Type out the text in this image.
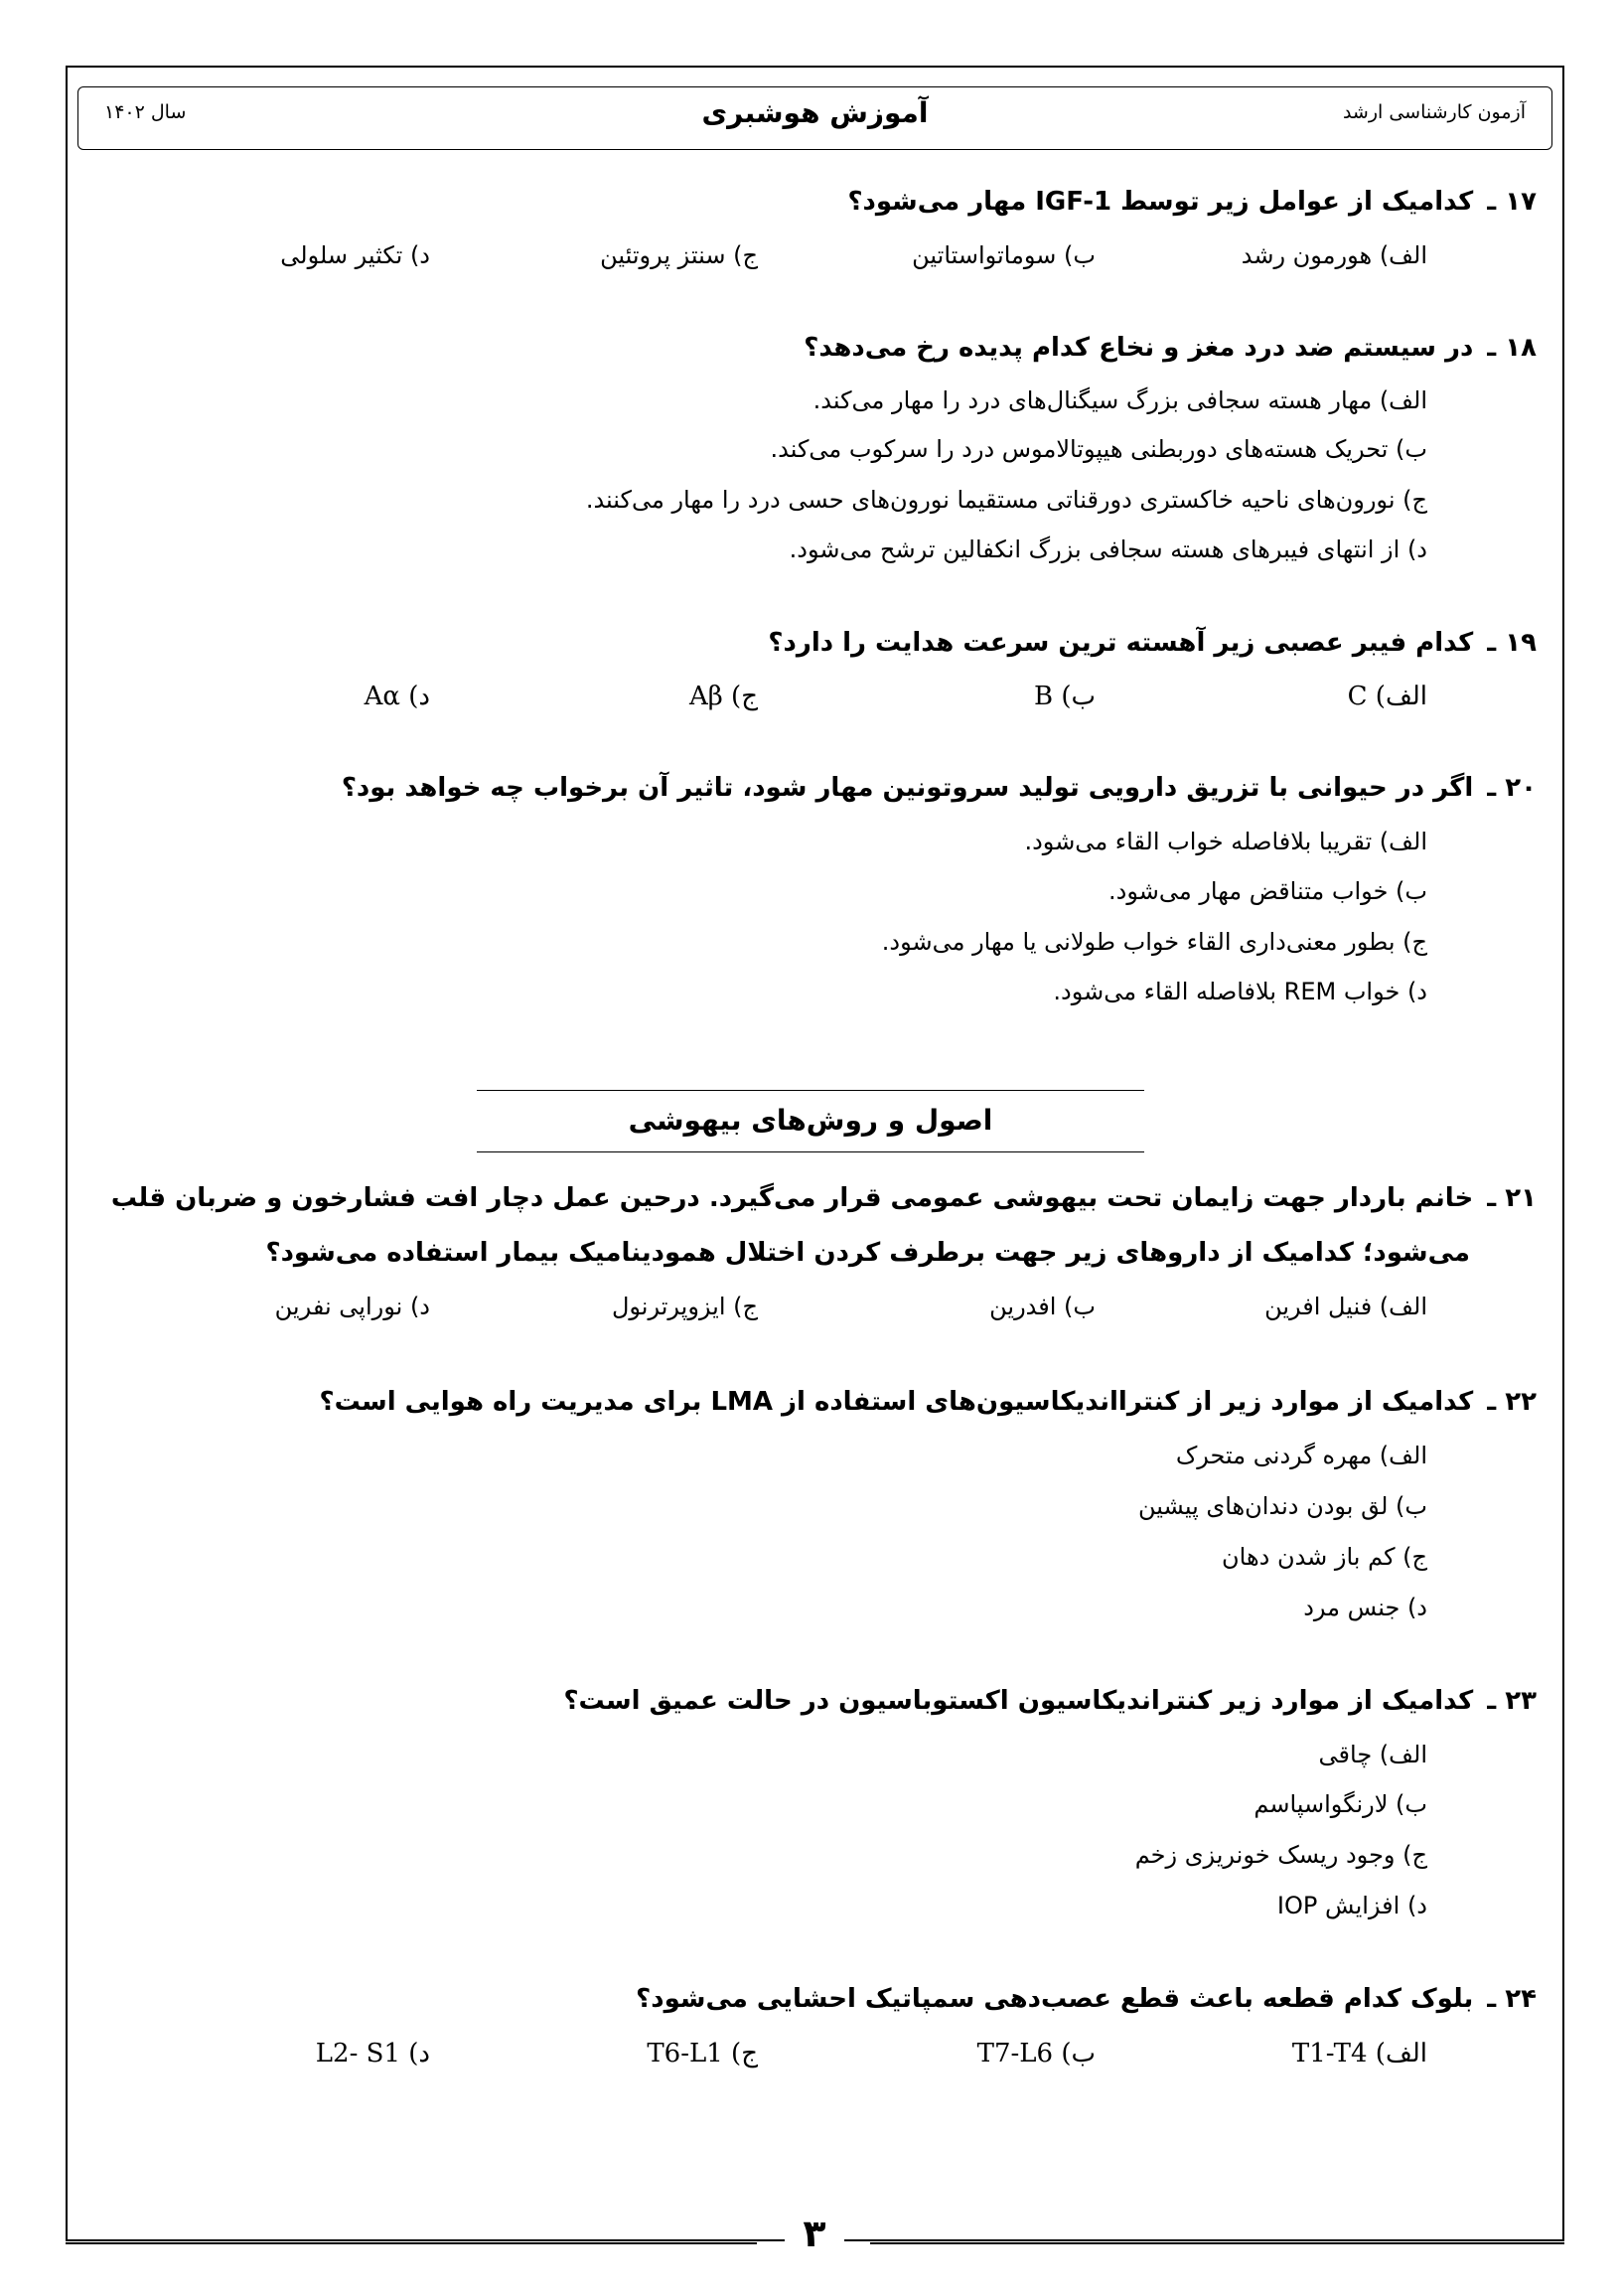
آزمون کارشناسی ارشد
آموزش هوشبری
سال ۱۴۰۲
۱۷ ـکدامیک از عوامل زیر توسط IGF-1 مهار می‌شود؟
الف) هورمون رشد
ب) سوماتواستاتین
ج) سنتز پروتئین
د) تکثیر سلولی
۱۸ ـدر سیستم ضد درد مغز و نخاع کدام پدیده رخ می‌دهد؟
الف) مهار هسته سجافی بزرگ سیگنال‌های درد را مهار می‌کند.
ب) تحریک هسته‌های دوربطنی هیپوتالاموس درد را سرکوب می‌کند.
ج) نورون‌های ناحیه خاکستری دورقناتی مستقیما نورون‌های حسی درد را مهار می‌کنند.
د) از انتهای فیبرهای هسته سجافی بزرگ انکفالین ترشح می‌شود.
۱۹ ـکدام فیبر عصبی زیر آهسته ترین سرعت هدایت را دارد؟
الف) C
ب) B
ج) Aβ
د) Aα
۲۰ ـاگر در حیوانی با تزریق دارویی تولید سروتونین مهار شود، تاثیر آن برخواب چه خواهد بود؟
الف) تقریبا بلافاصله خواب القاء می‌شود.
ب) خواب متناقض مهار می‌شود.
ج) بطور معنی‌داری القاء خواب طولانی یا مهار می‌شود.
د) خواب REM بلافاصله القاء می‌شود.
اصول و روش‌های بیهوشی
۲۱ ـخانم باردار جهت زایمان تحت بیهوشی عمومی قرار می‌گیرد. درحین عمل دچار افت فشارخون و ضربان قلب
می‌شود؛ کدامیک از داروهای زیر جهت برطرف کردن اختلال همودینامیک بیمار استفاده می‌شود؟
الف) فنیل افرین
ب) افدرین
ج) ایزوپرترنول
د) نوراپی نفرین
۲۲ ـکدامیک از موارد زیر از کنترااندیکاسیون‌های استفاده از LMA برای مدیریت راه هوایی است؟
الف) مهره گردنی متحرک
ب) لق بودن دندان‌های پیشین
ج) کم باز شدن دهان
د) جنس مرد
۲۳ ـکدامیک از موارد زیر کنتراندیکاسیون اکستوباسیون در حالت عمیق است؟
الف) چاقی
ب) لارنگواسپاسم
ج) وجود ریسک خونریزی زخم
د) افزایش IOP
۲۴ ـبلوک کدام قطعه باعث قطع عصب‌دهی سمپاتیک احشایی می‌شود؟
الف) T1-T4
ب) T7-L6
ج) T6-L1
د) L2- S1
۳
